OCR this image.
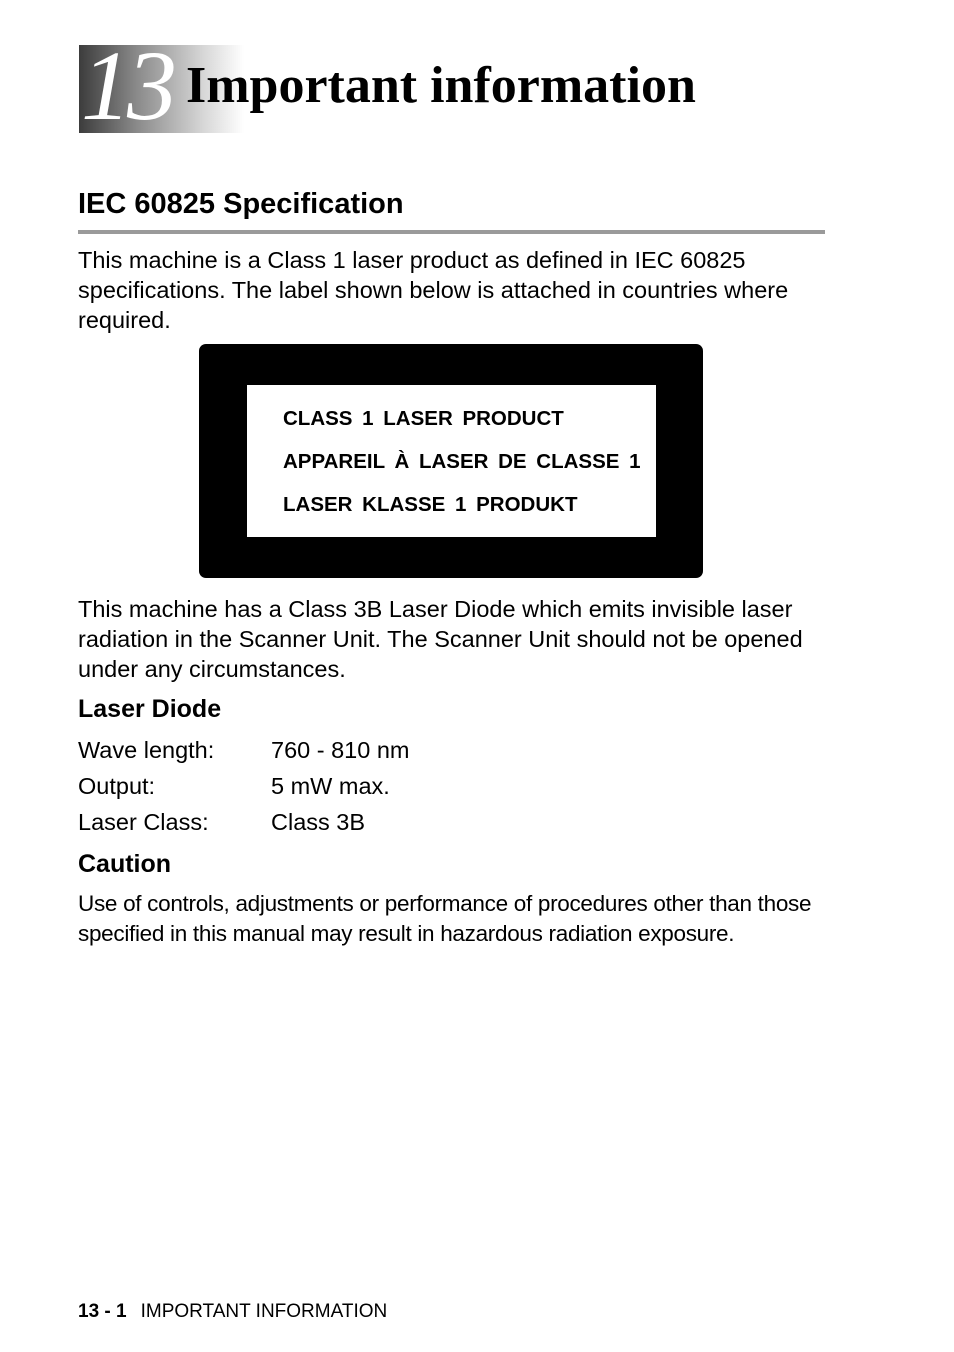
13 Important information
IEC 60825 Specification

This machine is a Class 1 laser product as defined in IEC 60825 specifications. The label shown below is attached in countries where required.

CLASS 1 LASER PRODUCT
APPAREIL À LASER DE CLASSE 1
LASER KLASSE 1 PRODUKT

This machine has a Class 3B Laser Diode which emits invisible laser radiation in the Scanner Unit. The Scanner Unit should not be opened under any circumstances.

Laser Diode
Wave length: 760 - 810 nm
Output:	5 mW max.
Laser Class:	Class 3B
Caution

Use of controls, adjustments or performance of procedures other than those specified in this manual may result in hazardous radiation exposure.

13 - 1 IMPORTANT INFORMATION
